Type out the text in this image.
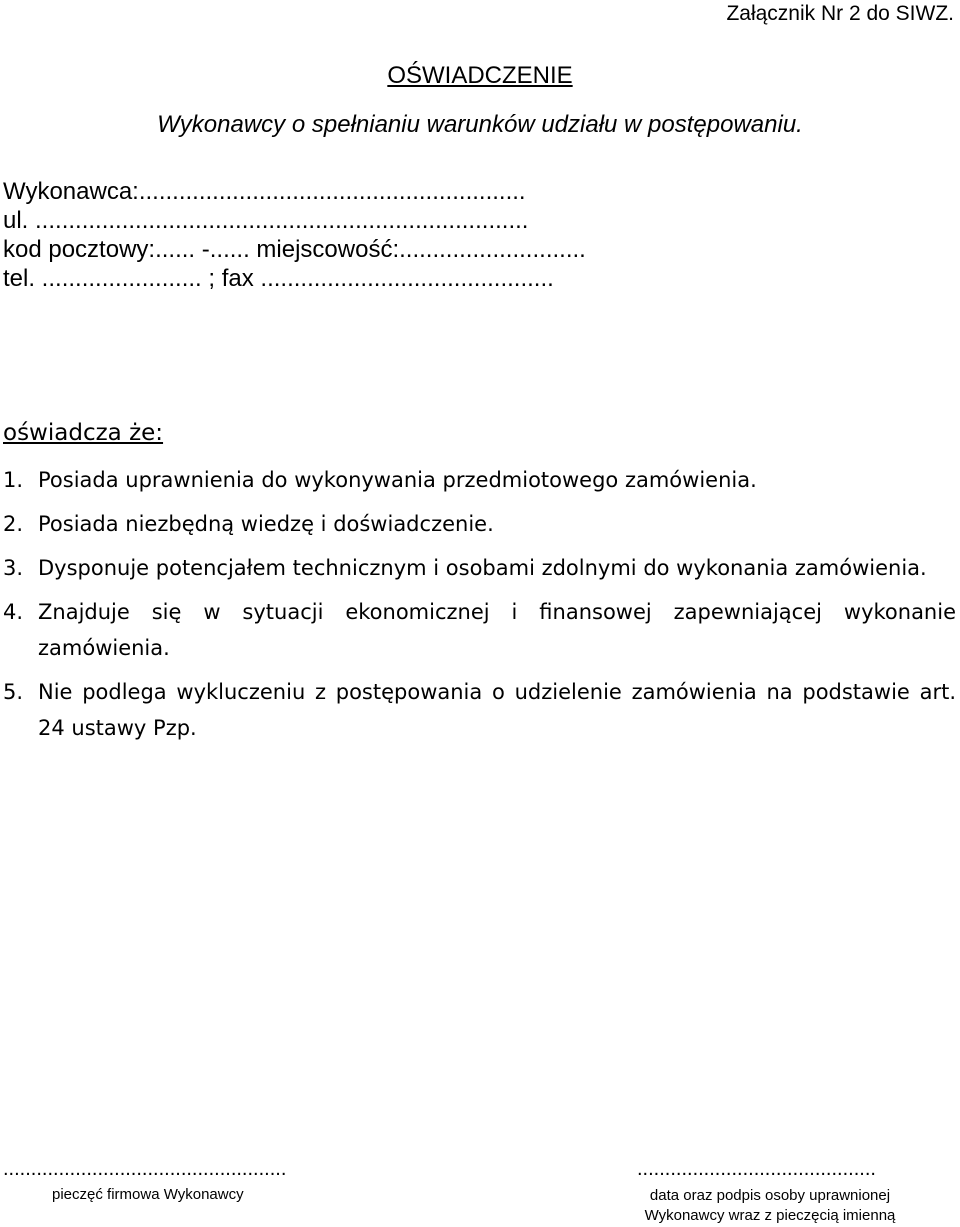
Załącznik Nr 2 do SIWZ.
OŚWIADCZENIE
Wykonawcy o spełnianiu warunków udziału w postępowaniu.
Wykonawca:..........................................................
ul. ..........................................................................
kod pocztowy:...... -...... miejscowość:............................
tel. ........................ ; fax ............................................
oświadcza że:
1. Posiada uprawnienia do wykonywania przedmiotowego zamówienia.
2. Posiada niezbędną wiedzę i doświadczenie.
3. Dysponuje potencjałem technicznym i osobami zdolnymi do wykonania zamówienia.
4. Znajduje się w sytuacji ekonomicznej i finansowej zapewniającej wykonanie zamówienia.
5. Nie podlega wykluczeniu z postępowania o udzielenie zamówienia na podstawie art. 24 ustawy Pzp.
...................................................
pieczęć firmowa Wykonawcy
...........................................
data oraz podpis osoby uprawnionej Wykonawcy wraz z pieczęcią imienną
